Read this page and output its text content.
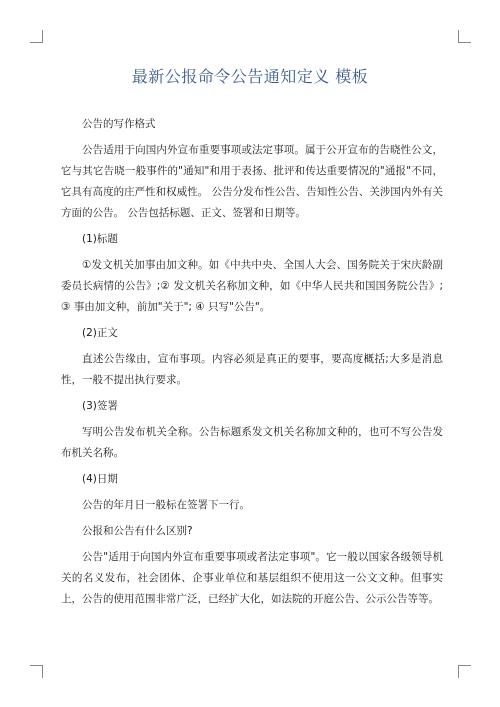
最新公报命令公告通知定义 模板

公告的写作格式

公告适用于向国内外宣布重要事项或法定事项。属于公开宣布的告晓性公文，它与其它告晓一般事件的"通知"和用于表扬、批评和传达重要情况的"通报"不同，它具有高度的庄严性和权威性。 公告分发布性公告、告知性公告、关涉国内外有关方面的公告。 公告包括标题、正文、签署和日期等。

(1)标题

①发文机关加事由加文种。如《中共中央、全国人大会、国务院关于宋庆龄副委员长病情的公告》;② 发文机关名称加文种，如《中华人民共和国国务院公告》;③ 事由加文种，前加"关于"; ④ 只写"公告"。

(2)正文

直述公告缘由，宣布事项。内容必须是真正的要事，要高度概括;大多是消息性，一般不提出执行要求。

(3)签署

写明公告发布机关全称。公告标题系发文机关名称加文种的，也可不写公告发布机关名称。

(4)日期

公告的年月日一般标在签署下一行。

公报和公告有什么区别?

公告"适用于向国内外宣布重要事项或者法定事项"。它一般以国家各级领导机关的名义发布，社会团体、企事业单位和基层组织不使用这一公文文种。但事实上，公告的使用范围非常广泛，已经扩大化，如法院的开庭公告、公示公告等等。
